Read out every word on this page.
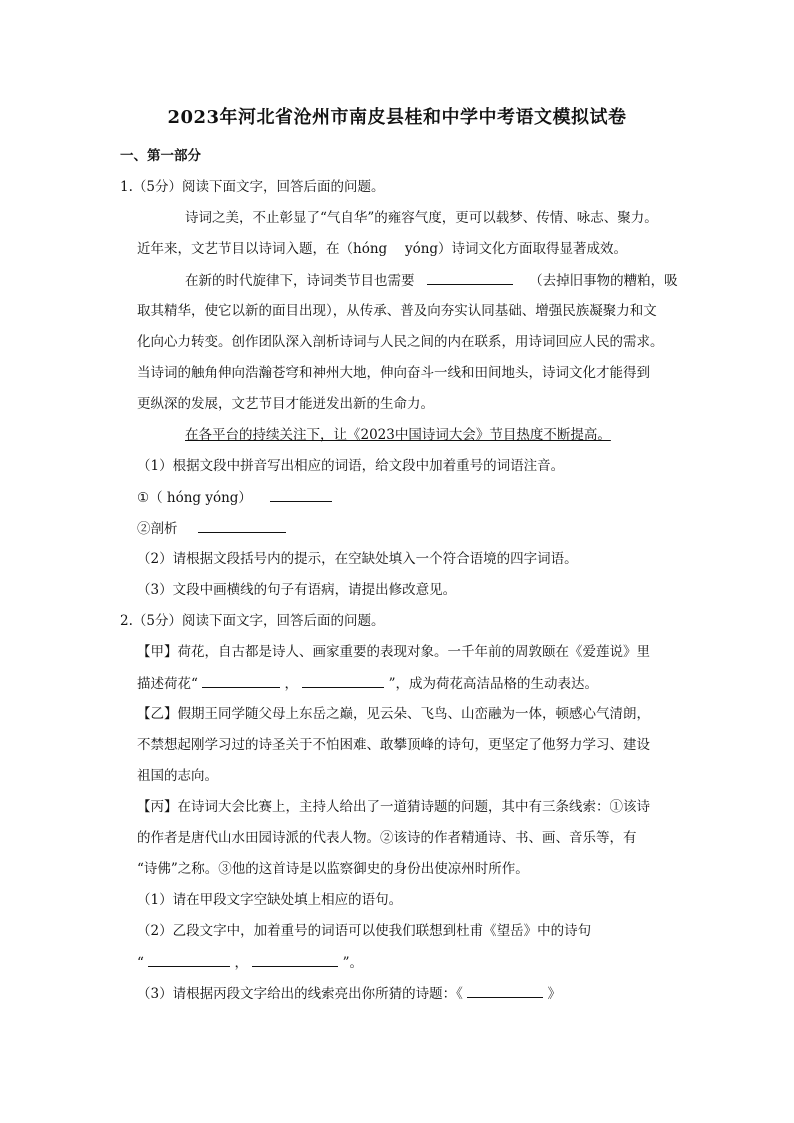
2023年河北省沧州市南皮县桂和中学中考语文模拟试卷
一、第一部分
1.（5分）阅读下面文字，回答后面的问题。
诗词之美，不止彰显了“气自华”的雍容气度，更可以载梦、传情、咏志、聚力。
近年来，文艺节目以诗词入题，在（hóng　 yóng）诗词文化方面取得显著成效。
在新的时代旋律下，诗词类节目也需要	（去掉旧事物的糟粕，吸
取其精华，使它以新的面目出现），从传承、普及向夯实认同基础、增强民族凝聚力和文
化向心力转变。创作团队深入剖析诗词与人民之间的内在联系，用诗词回应人民的需求。
当诗词的触角伸向浩瀚苍穹和神州大地，伸向奋斗一线和田间地头，诗词文化才能得到
更纵深的发展，文艺节目才能迸发出新的生命力。
在各平台的持续关注下，让《2023中国诗词大会》节目热度不断提高。
（1）根据文段中拼音写出相应的词语，给文段中加着重号的词语注音。
①（ hóng yóng）
②剖析
（2）请根据文段括号内的提示，在空缺处填入一个符合语境的四字词语。
（3）文段中画横线的句子有语病，请提出修改意见。
2.（5分）阅读下面文字，回答后面的问题。
【甲】荷花，自古都是诗人、画家重要的表现对象。一千年前的周敦颐在《爱莲说》里
描述荷花“	，	”，成为荷花高洁品格的生动表达。
【乙】假期王同学随父母上东岳之巅，见云朵、飞鸟、山峦融为一体，顿感心气清朗，
不禁想起刚学习过的诗圣关于不怕困难、敢攀顶峰的诗句，更坚定了他努力学习、建设
祖国的志向。
【丙】在诗词大会比赛上，主持人给出了一道猜诗题的问题，其中有三条线索：①该诗
的作者是唐代山水田园诗派的代表人物。②该诗的作者精通诗、书、画、音乐等，有
“诗佛”之称。③他的这首诗是以监察御史的身份出使凉州时所作。
（1）请在甲段文字空缺处填上相应的语句。
（2）乙段文字中，加着重号的词语可以使我们联想到杜甫《望岳》中的诗句
“	，	”。
（3）请根据丙段文字给出的线索亮出你所猜的诗题：《	》
